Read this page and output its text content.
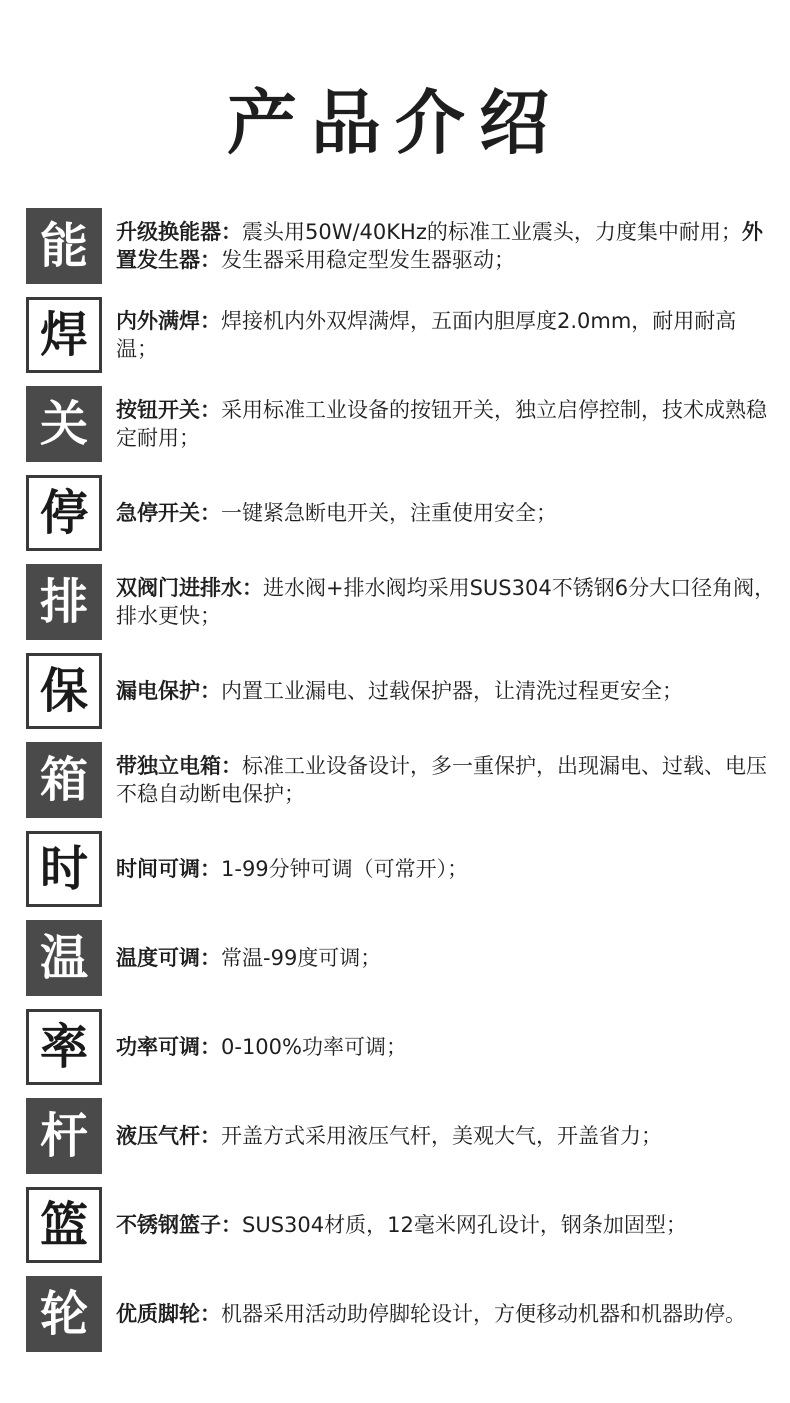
产品介绍
能	升级换能器：震头用50W/40KHz的标准工业震头，力度集中耐用；外置发生器：发生器采用稳定型发生器驱动；

焊	内外满焊：焊接机内外双焊满焊，五面内胆厚度2.0mm，耐用耐高温；

关	按钮开关：采用标准工业设备的按钮开关，独立启停控制，技术成熟稳定耐用；

停	急停开关：一键紧急断电开关，注重使用安全；

排	双阀门进排水：进水阀+排水阀均采用SUS304不锈钢6分大口径角阀，排水更快；

保	漏电保护：内置工业漏电、过载保护器，让清洗过程更安全；

箱	带独立电箱：标准工业设备设计，多一重保护，出现漏电、过载、电压不稳自动断电保护；

时	时间可调：1-99分钟可调（可常开）；

温	温度可调：常温-99度可调；

率	功率可调：0-100%功率可调；

杆	液压气杆：开盖方式采用液压气杆，美观大气，开盖省力；

篮	不锈钢篮子：SUS304材质，12毫米网孔设计，钢条加固型；

轮	优质脚轮：机器采用活动助停脚轮设计，方便移动机器和机器助停。
